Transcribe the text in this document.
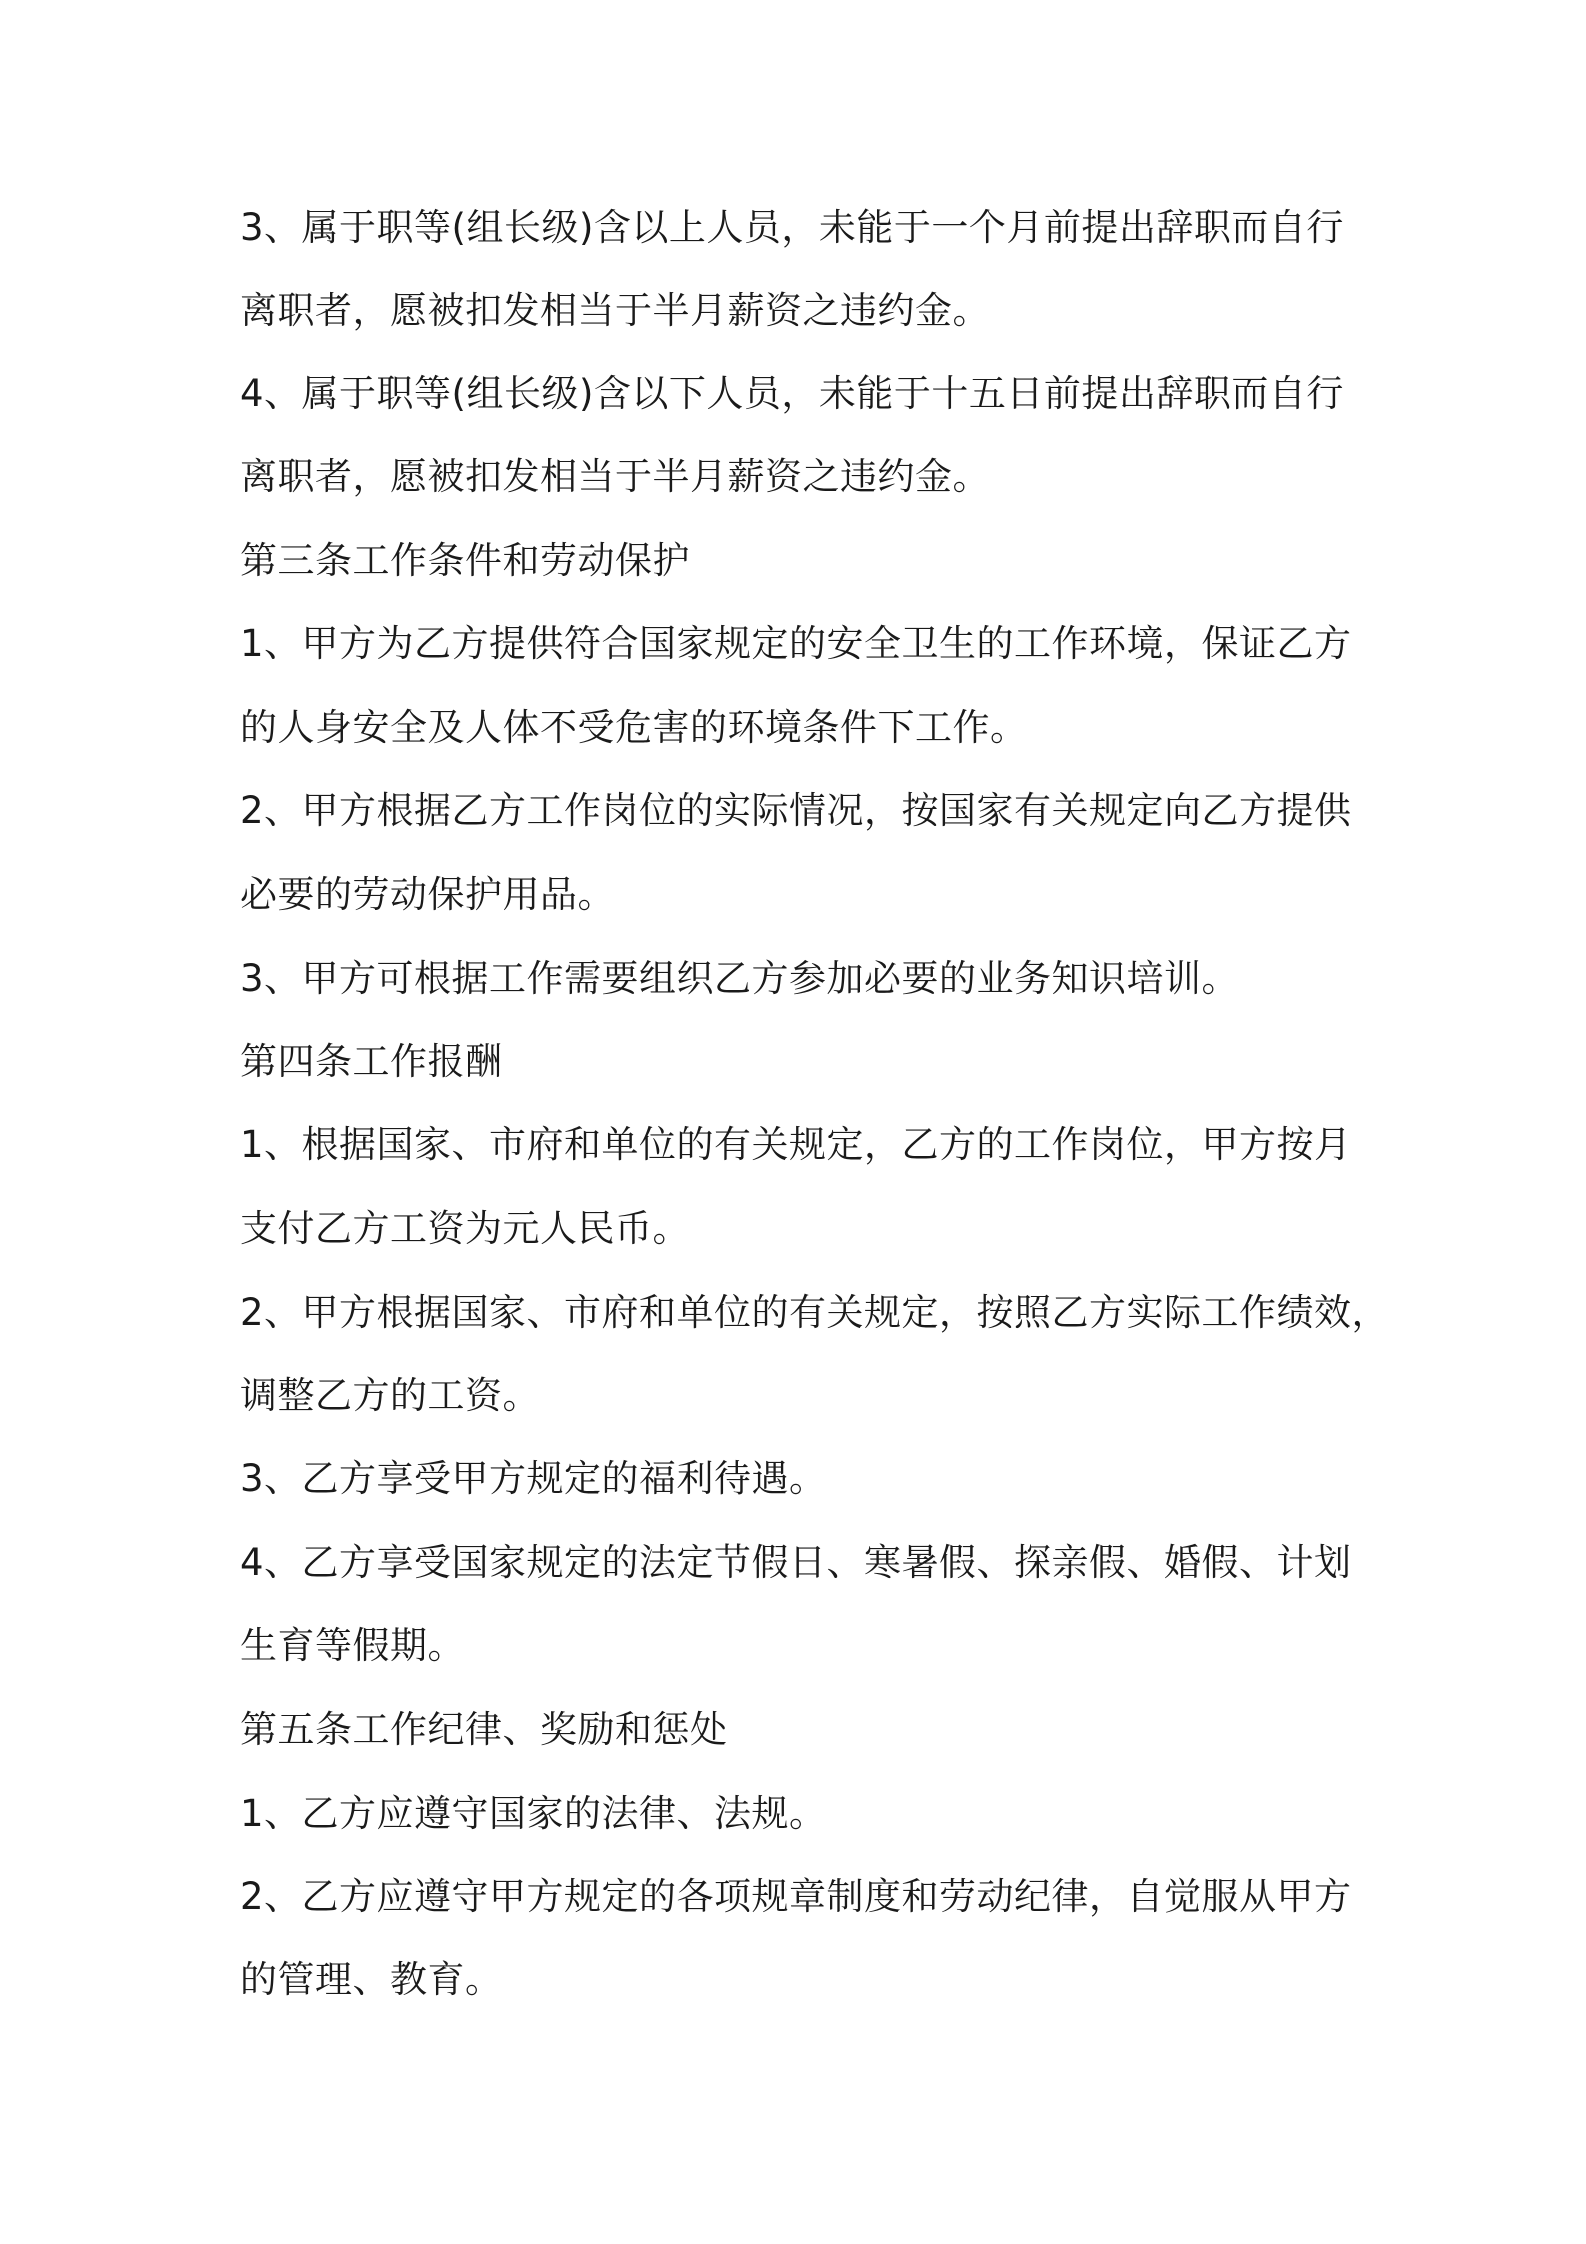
3、属于职等(组长级)含以上人员，未能于一个月前提出辞职而自行
离职者，愿被扣发相当于半月薪资之违约金。
4、属于职等(组长级)含以下人员，未能于十五日前提出辞职而自行
离职者，愿被扣发相当于半月薪资之违约金。
第三条工作条件和劳动保护
1、甲方为乙方提供符合国家规定的安全卫生的工作环境，保证乙方
的人身安全及人体不受危害的环境条件下工作。
2、甲方根据乙方工作岗位的实际情况，按国家有关规定向乙方提供
必要的劳动保护用品。
3、甲方可根据工作需要组织乙方参加必要的业务知识培训。
第四条工作报酬
1、根据国家、市府和单位的有关规定，乙方的工作岗位，甲方按月
支付乙方工资为元人民币。
2、甲方根据国家、市府和单位的有关规定，按照乙方实际工作绩效，
调整乙方的工资。
3、乙方享受甲方规定的福利待遇。
4、乙方享受国家规定的法定节假日、寒暑假、探亲假、婚假、计划
生育等假期。
第五条工作纪律、奖励和惩处
1、乙方应遵守国家的法律、法规。
2、乙方应遵守甲方规定的各项规章制度和劳动纪律，自觉服从甲方
的管理、教育。
